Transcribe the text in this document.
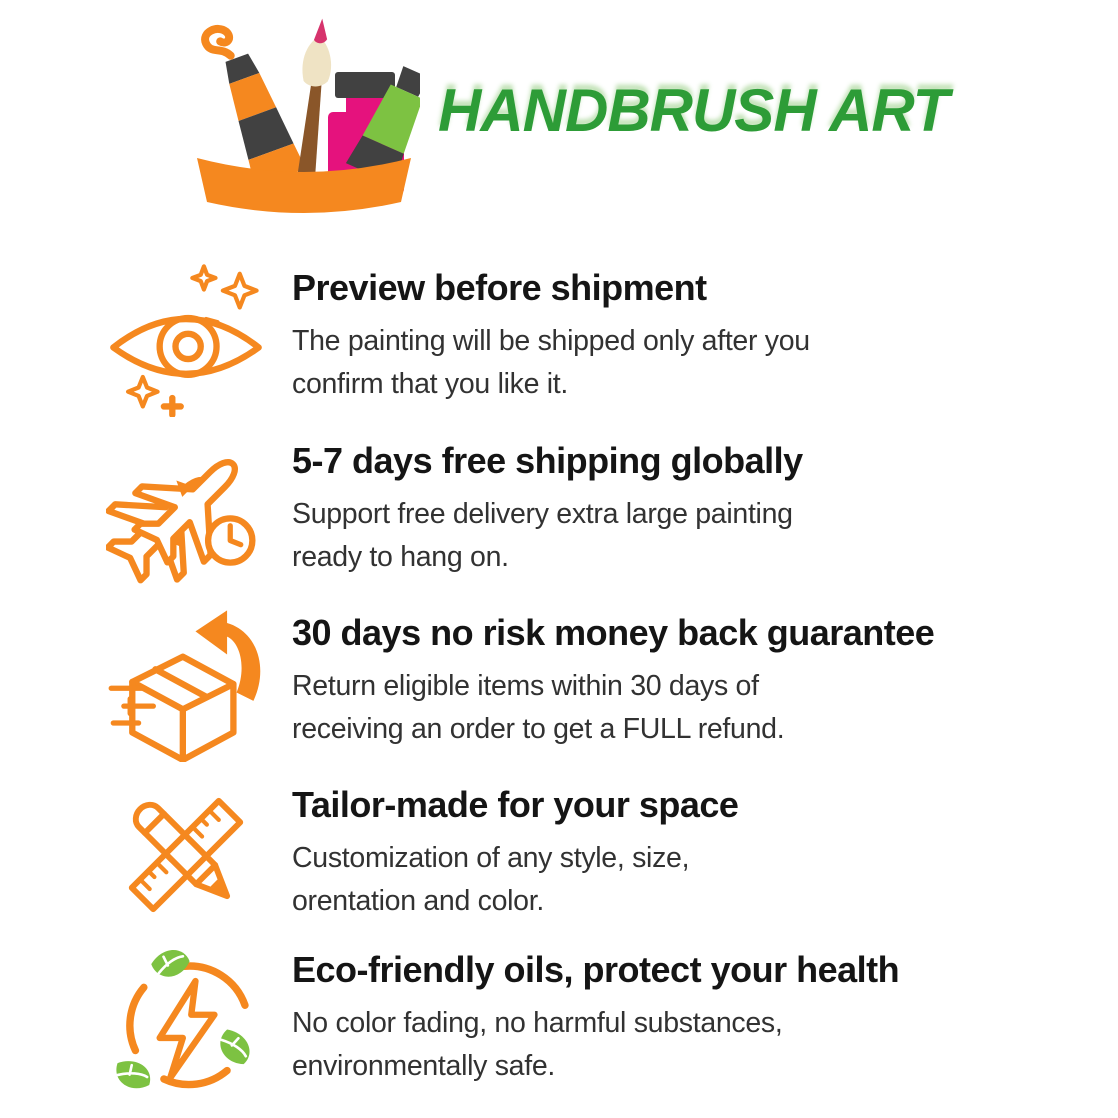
HANDBRUSH ART
Preview before shipment
The painting will be shipped only after you
confirm that you like it.
5-7 days free shipping globally
Support free delivery extra large painting
ready to hang on.
30 days no risk money back guarantee
Return eligible items within 30 days of
receiving an order to get a FULL refund.
Tailor-made for your space
Customization of any style, size,
orentation and color.
Eco-friendly oils, protect your health
No color fading, no harmful substances,
environmentally safe.
